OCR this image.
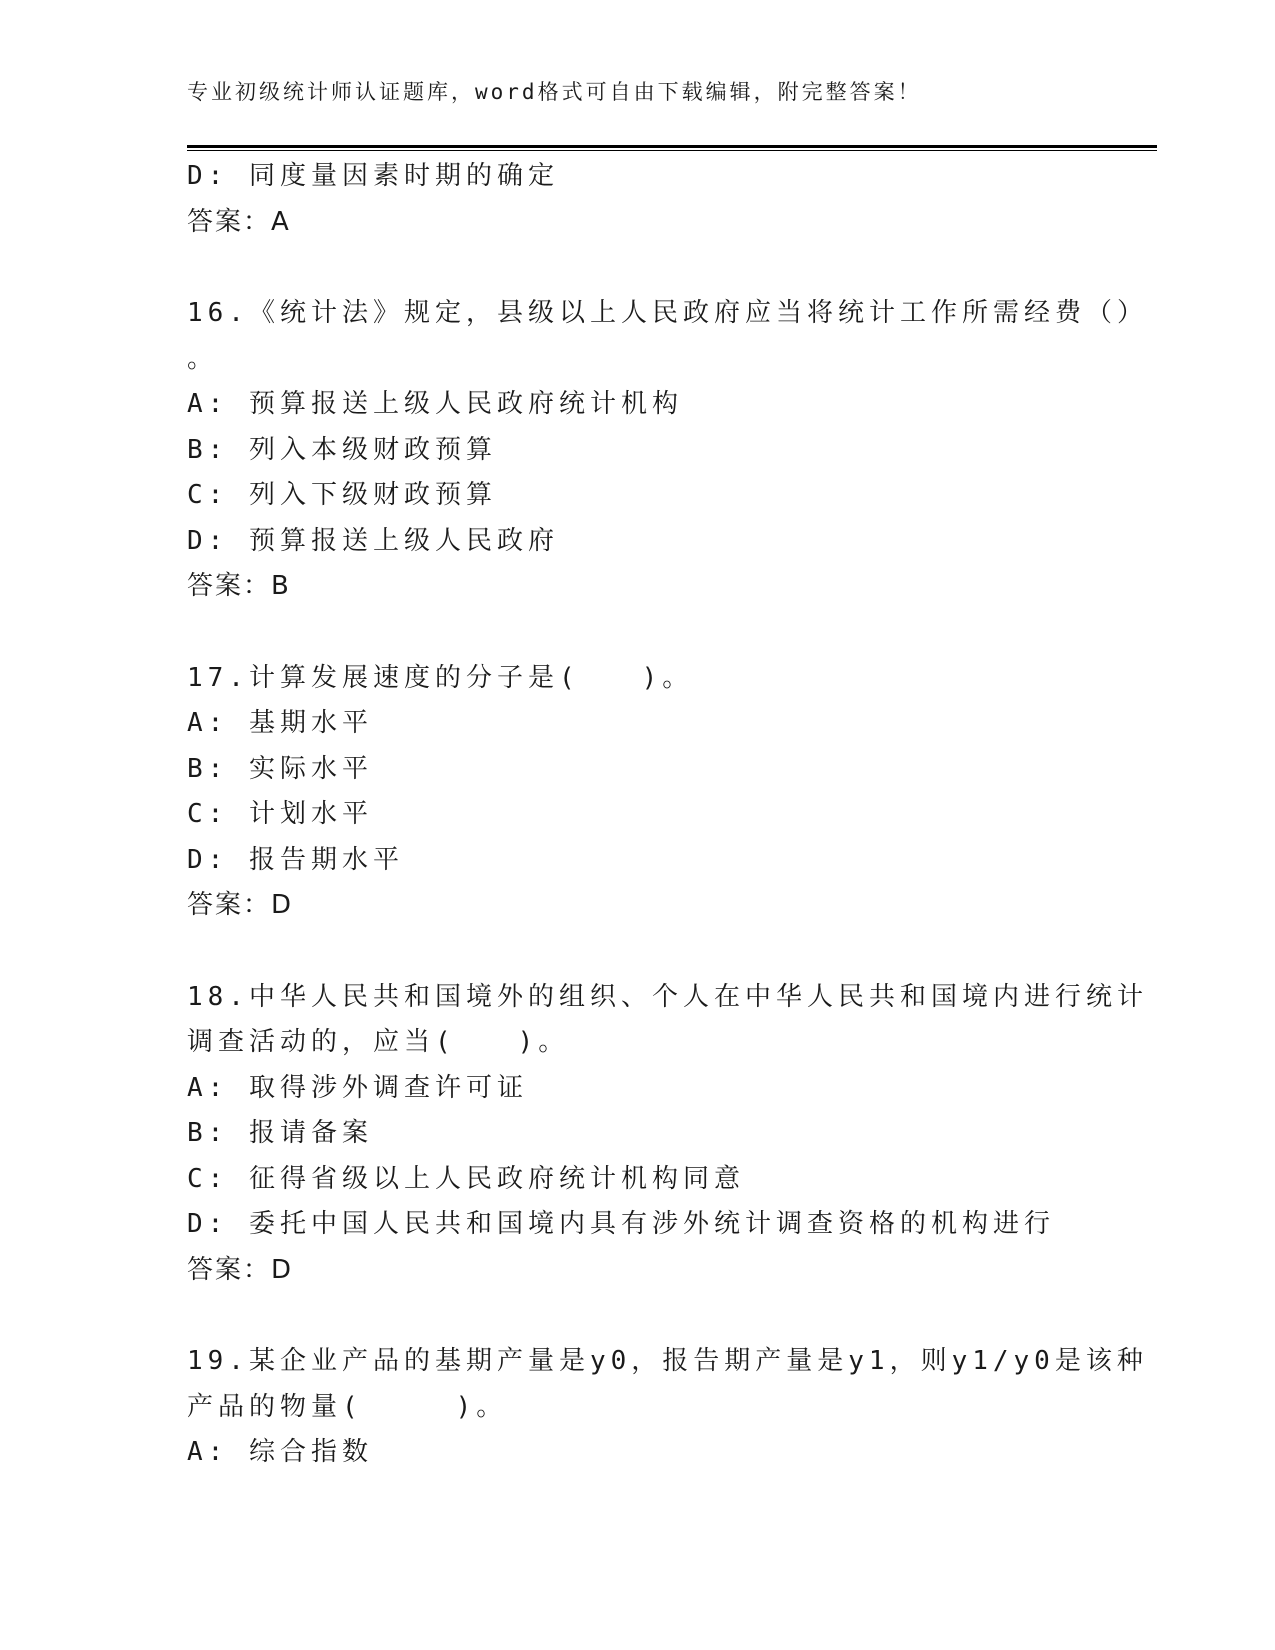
专业初级统计师认证题库，word格式可自由下载编辑，附完整答案！
D: 同度量因素时期的确定
答案：A
16.《统计法》规定，县级以上人民政府应当将统计工作所需经费（）
。
A: 预算报送上级人民政府统计机构
B: 列入本级财政预算
C: 列入下级财政预算
D: 预算报送上级人民政府
答案：B
17.计算发展速度的分子是(　　)。
A: 基期水平
B: 实际水平
C: 计划水平
D: 报告期水平
答案：D
18.中华人民共和国境外的组织、个人在中华人民共和国境内进行统计
调查活动的，应当(　　)。
A: 取得涉外调查许可证
B: 报请备案
C: 征得省级以上人民政府统计机构同意
D: 委托中国人民共和国境内具有涉外统计调查资格的机构进行
答案：D
19.某企业产品的基期产量是y0，报告期产量是y1，则y1/y0是该种
产品的物量(　　　)。
A: 综合指数
